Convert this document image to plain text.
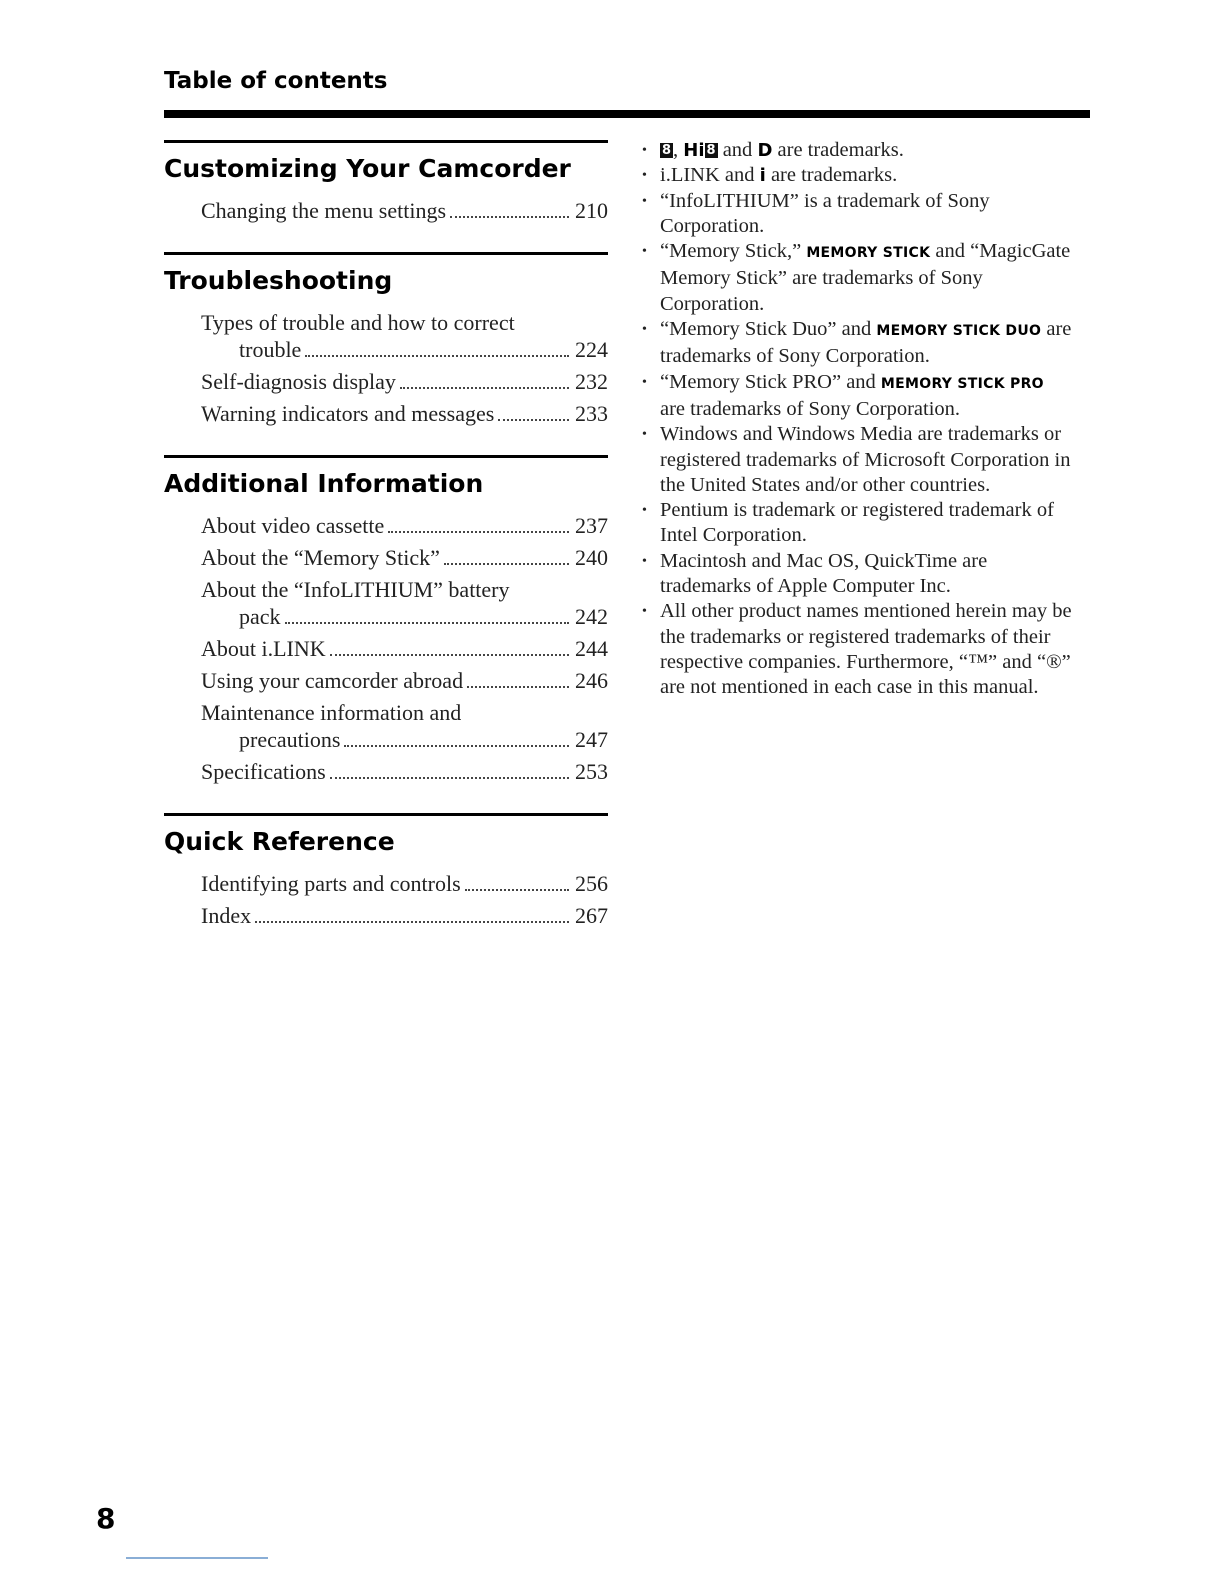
Table of contents
Customizing Your Camcorder
Changing the menu settings	210
Troubleshooting
Types of trouble and how to correct
trouble	224
Self-diagnosis display	232
Warning indicators and messages	233
Additional Information
About video cassette	237
About the “Memory Stick”	240
About the “InfoLITHIUM” battery
pack	242
About i.LINK	244
Using your camcorder abroad	246
Maintenance information and
precautions	247
Specifications	253
Quick Reference
Identifying parts and controls	256
Index	267
•	8, Hi 8 and D are trademarks.
• i.LINK and i are trademarks.
• “InfoLITHIUM” is a trademark of Sony Corporation.
• “Memory Stick,” MEMORY STICK and “MagicGate Memory Stick” are trademarks of Sony Corporation.
• “Memory Stick Duo” and MEMORY STICK DUO are trademarks of Sony Corporation.
• “Memory Stick PRO” and MEMORY STICK PRO are trademarks of Sony Corporation.
• Windows and Windows Media are trademarks or registered trademarks of Microsoft Corporation in the United States and/or other countries.
• Pentium is trademark or registered trademark of Intel Corporation.
• Macintosh and Mac OS, QuickTime are trademarks of Apple Computer Inc.
• All other product names mentioned herein may be the trademarks or registered trademarks of their respective companies. Furthermore, “™” and “®” are not mentioned in each case in this manual.
8
